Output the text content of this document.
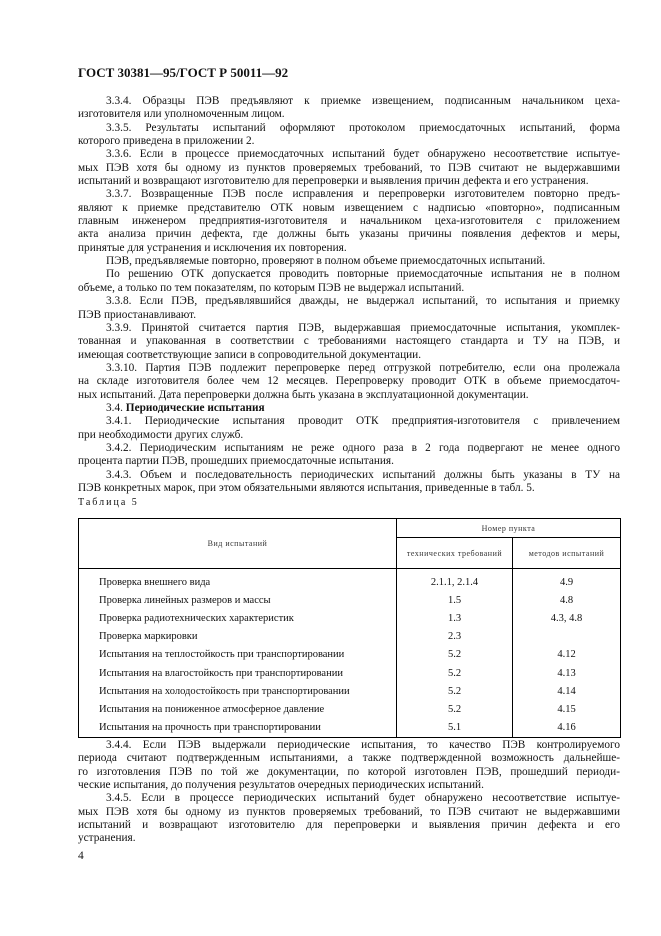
ГОСТ 30381—95/ГОСТ Р 50011—92
3.3.4. Образцы ПЭВ предъявляют к приемке извещением, подписанным начальником цеха-
изготовителя или уполномоченным лицом.
3.3.5. Результаты испытаний оформляют протоколом приемосдаточных испытаний, форма
которого приведена в приложении 2.
3.3.6. Если в процессе приемосдаточных испытаний будет обнаружено несоответствие испытуе-
мых ПЭВ хотя бы одному из пунктов проверяемых требований, то ПЭВ считают не выдержавшими
испытаний и возвращают изготовителю для перепроверки и выявления причин дефекта и его устранения.
3.3.7. Возвращенные ПЭВ после исправления и перепроверки изготовителем повторно предъ-
являют к приемке представителю ОТК новым извещением с надписью «повторно», подписанным
главным инженером предприятия-изготовителя и начальником цеха-изготовителя с приложением
акта анализа причин дефекта, где должны быть указаны причины появления дефектов и меры,
принятые для устранения и исключения их повторения.
ПЭВ, предъявляемые повторно, проверяют в полном объеме приемосдаточных испытаний.
По решению ОТК допускается проводить повторные приемосдаточные испытания не в полном
объеме, а только по тем показателям, по которым ПЭВ не выдержал испытаний.
3.3.8. Если ПЭВ, предъявлявшийся дважды, не выдержал испытаний, то испытания и приемку
ПЭВ приостанавливают.
3.3.9. Принятой считается партия ПЭВ, выдержавшая приемосдаточные испытания, укомплек-
тованная и упакованная в соответствии с требованиями настоящего стандарта и ТУ на ПЭВ, и
имеющая соответствующие записи в сопроводительной документации.
3.3.10. Партия ПЭВ подлежит перепроверке перед отгрузкой потребителю, если она пролежала
на складе изготовителя более чем 12 месяцев. Перепроверку проводит ОТК в объеме приемосдаточ-
ных испытаний. Дата перепроверки должна быть указана в эксплуатационной документации.
3.4. Периодические испытания
3.4.1. Периодические испытания проводит ОТК предприятия-изготовителя с привлечением
при необходимости других служб.
3.4.2. Периодическим испытаниям не реже одного раза в 2 года подвергают не менее одного
процента партии ПЭВ, прошедших приемосдаточные испытания.
3.4.3. Объем и последовательность периодических испытаний должны быть указаны в ТУ на
ПЭВ конкретных марок, при этом обязательными являются испытания, приведенные в табл. 5.
Таблица 5
Вид испытаний	Номер пункта	
	технических требований	методов испытаний
Проверка внешнего вида	2.1.1, 2.1.4	4.9
Проверка линейных размеров и массы	1.5	4.8
Проверка радиотехнических характеристик	1.3	4.3, 4.8
Проверка маркировки	2.3	
Испытания на теплостойкость при транспортировании	5.2	4.12
Испытания на влагостойкость при транспортировании	5.2	4.13
Испытания на холодостойкость при транспортировании	5.2	4.14
Испытания на пониженное атмосферное давление	5.2	4.15
Испытания на прочность при транспортировании	5.1	4.16
3.4.4. Если ПЭВ выдержали периодические испытания, то качество ПЭВ контролируемого
периода считают подтвержденным испытаниями, а также подтвержденной возможность дальнейше-
го изготовления ПЭВ по той же документации, по которой изготовлен ПЭВ, прошедший периоди-
ческие испытания, до получения результатов очередных периодических испытаний.
3.4.5. Если в процессе периодических испытаний будет обнаружено несоответствие испытуе-
мых ПЭВ хотя бы одному из пунктов проверяемых требований, то ПЭВ считают не выдержавшими
испытаний и возвращают изготовителю для перепроверки и выявления причин дефекта и его
устранения.
4
